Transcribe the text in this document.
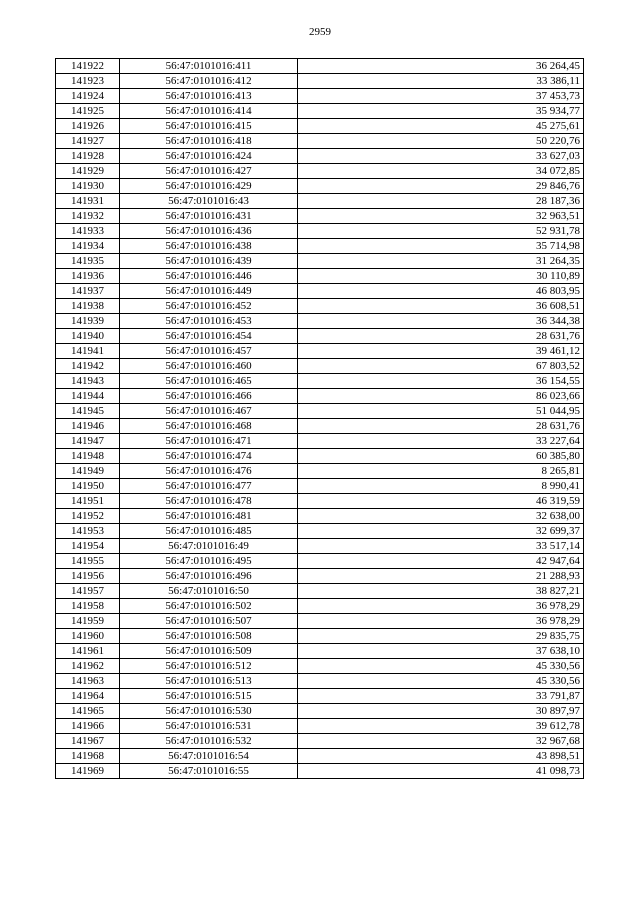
2959
141922	56:47:0101016:411	36 264,45
141923	56:47:0101016:412	33 386,11
141924	56:47:0101016:413	37 453,73
141925	56:47:0101016:414	35 934,77
141926	56:47:0101016:415	45 275,61
141927	56:47:0101016:418	50 220,76
141928	56:47:0101016:424	33 627,03
141929	56:47:0101016:427	34 072,85
141930	56:47:0101016:429	29 846,76
141931	56:47:0101016:43	28 187,36
141932	56:47:0101016:431	32 963,51
141933	56:47:0101016:436	52 931,78
141934	56:47:0101016:438	35 714,98
141935	56:47:0101016:439	31 264,35
141936	56:47:0101016:446	30 110,89
141937	56:47:0101016:449	46 803,95
141938	56:47:0101016:452	36 608,51
141939	56:47:0101016:453	36 344,38
141940	56:47:0101016:454	28 631,76
141941	56:47:0101016:457	39 461,12
141942	56:47:0101016:460	67 803,52
141943	56:47:0101016:465	36 154,55
141944	56:47:0101016:466	86 023,66
141945	56:47:0101016:467	51 044,95
141946	56:47:0101016:468	28 631,76
141947	56:47:0101016:471	33 227,64
141948	56:47:0101016:474	60 385,80
141949	56:47:0101016:476	8 265,81
141950	56:47:0101016:477	8 990,41
141951	56:47:0101016:478	46 319,59
141952	56:47:0101016:481	32 638,00
141953	56:47:0101016:485	32 699,37
141954	56:47:0101016:49	33 517,14
141955	56:47:0101016:495	42 947,64
141956	56:47:0101016:496	21 288,93
141957	56:47:0101016:50	38 827,21
141958	56:47:0101016:502	36 978,29
141959	56:47:0101016:507	36 978,29
141960	56:47:0101016:508	29 835,75
141961	56:47:0101016:509	37 638,10
141962	56:47:0101016:512	45 330,56
141963	56:47:0101016:513	45 330,56
141964	56:47:0101016:515	33 791,87
141965	56:47:0101016:530	30 897,97
141966	56:47:0101016:531	39 612,78
141967	56:47:0101016:532	32 967,68
141968	56:47:0101016:54	43 898,51
141969	56:47:0101016:55	41 098,73
